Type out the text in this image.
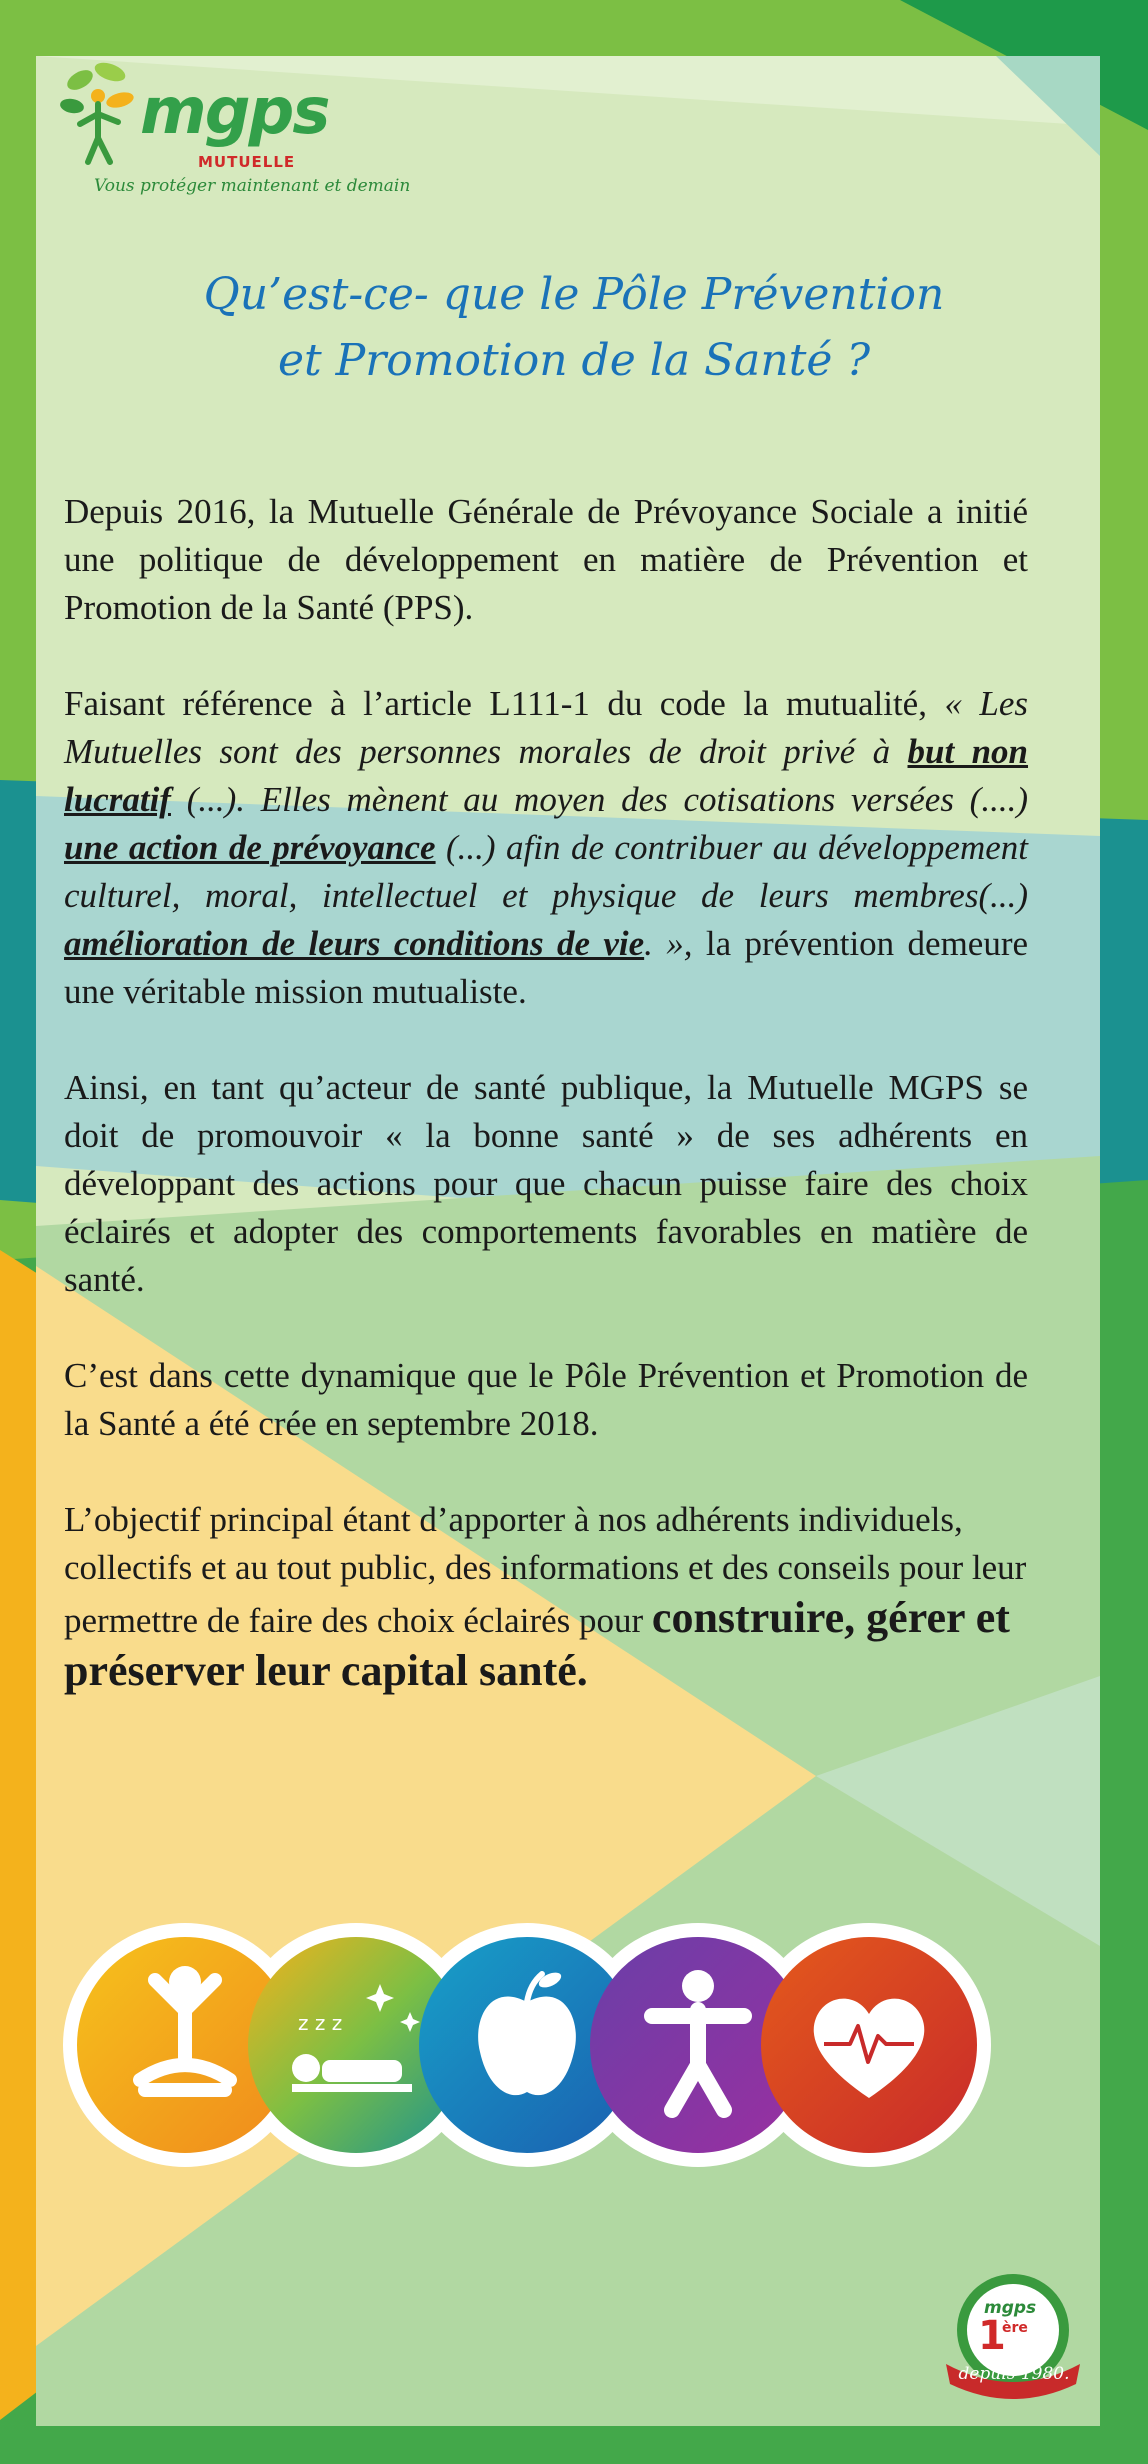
mgps
MUTUELLE
Vous protéger maintenant et demain
Qu’est-ce- que le Pôle Prévention
et Promotion de la Santé ?

Depuis 2016, la Mutuelle Générale de Prévoyance Sociale a initié une politique de développement en matière de Prévention et Promotion de la Santé (PPS).

Faisant référence à l’article L111-1 du code la mutualité, « Les Mutuelles sont des personnes morales de droit privé à but non lucratif (...). Elles mènent au moyen des cotisations versées (....) une action de prévoyance (...) afin de contribuer au développement culturel, moral, intellectuel et physique de leurs membres(...) amélioration de leurs conditions de vie. », la prévention demeure une véritable mission mutualiste.

Ainsi, en tant qu’acteur de santé publique, la Mutuelle MGPS se doit de promouvoir « la bonne santé » de ses adhérents en développant des actions pour que chacun puisse faire des choix éclairés et adopter des comportements favorables en matière de santé.

C’est dans cette dynamique que le Pôle Prévention et Promotion de la Santé a été crée en septembre 2018.

L’objectif principal étant d’apporter à nos adhérents individuels, collectifs et au tout public, des informations et des conseils pour leur permettre de faire des choix éclairés pour construire, gérer et préserver leur capital santé.

z z z
mgps
1
ère
depuis 1980.
